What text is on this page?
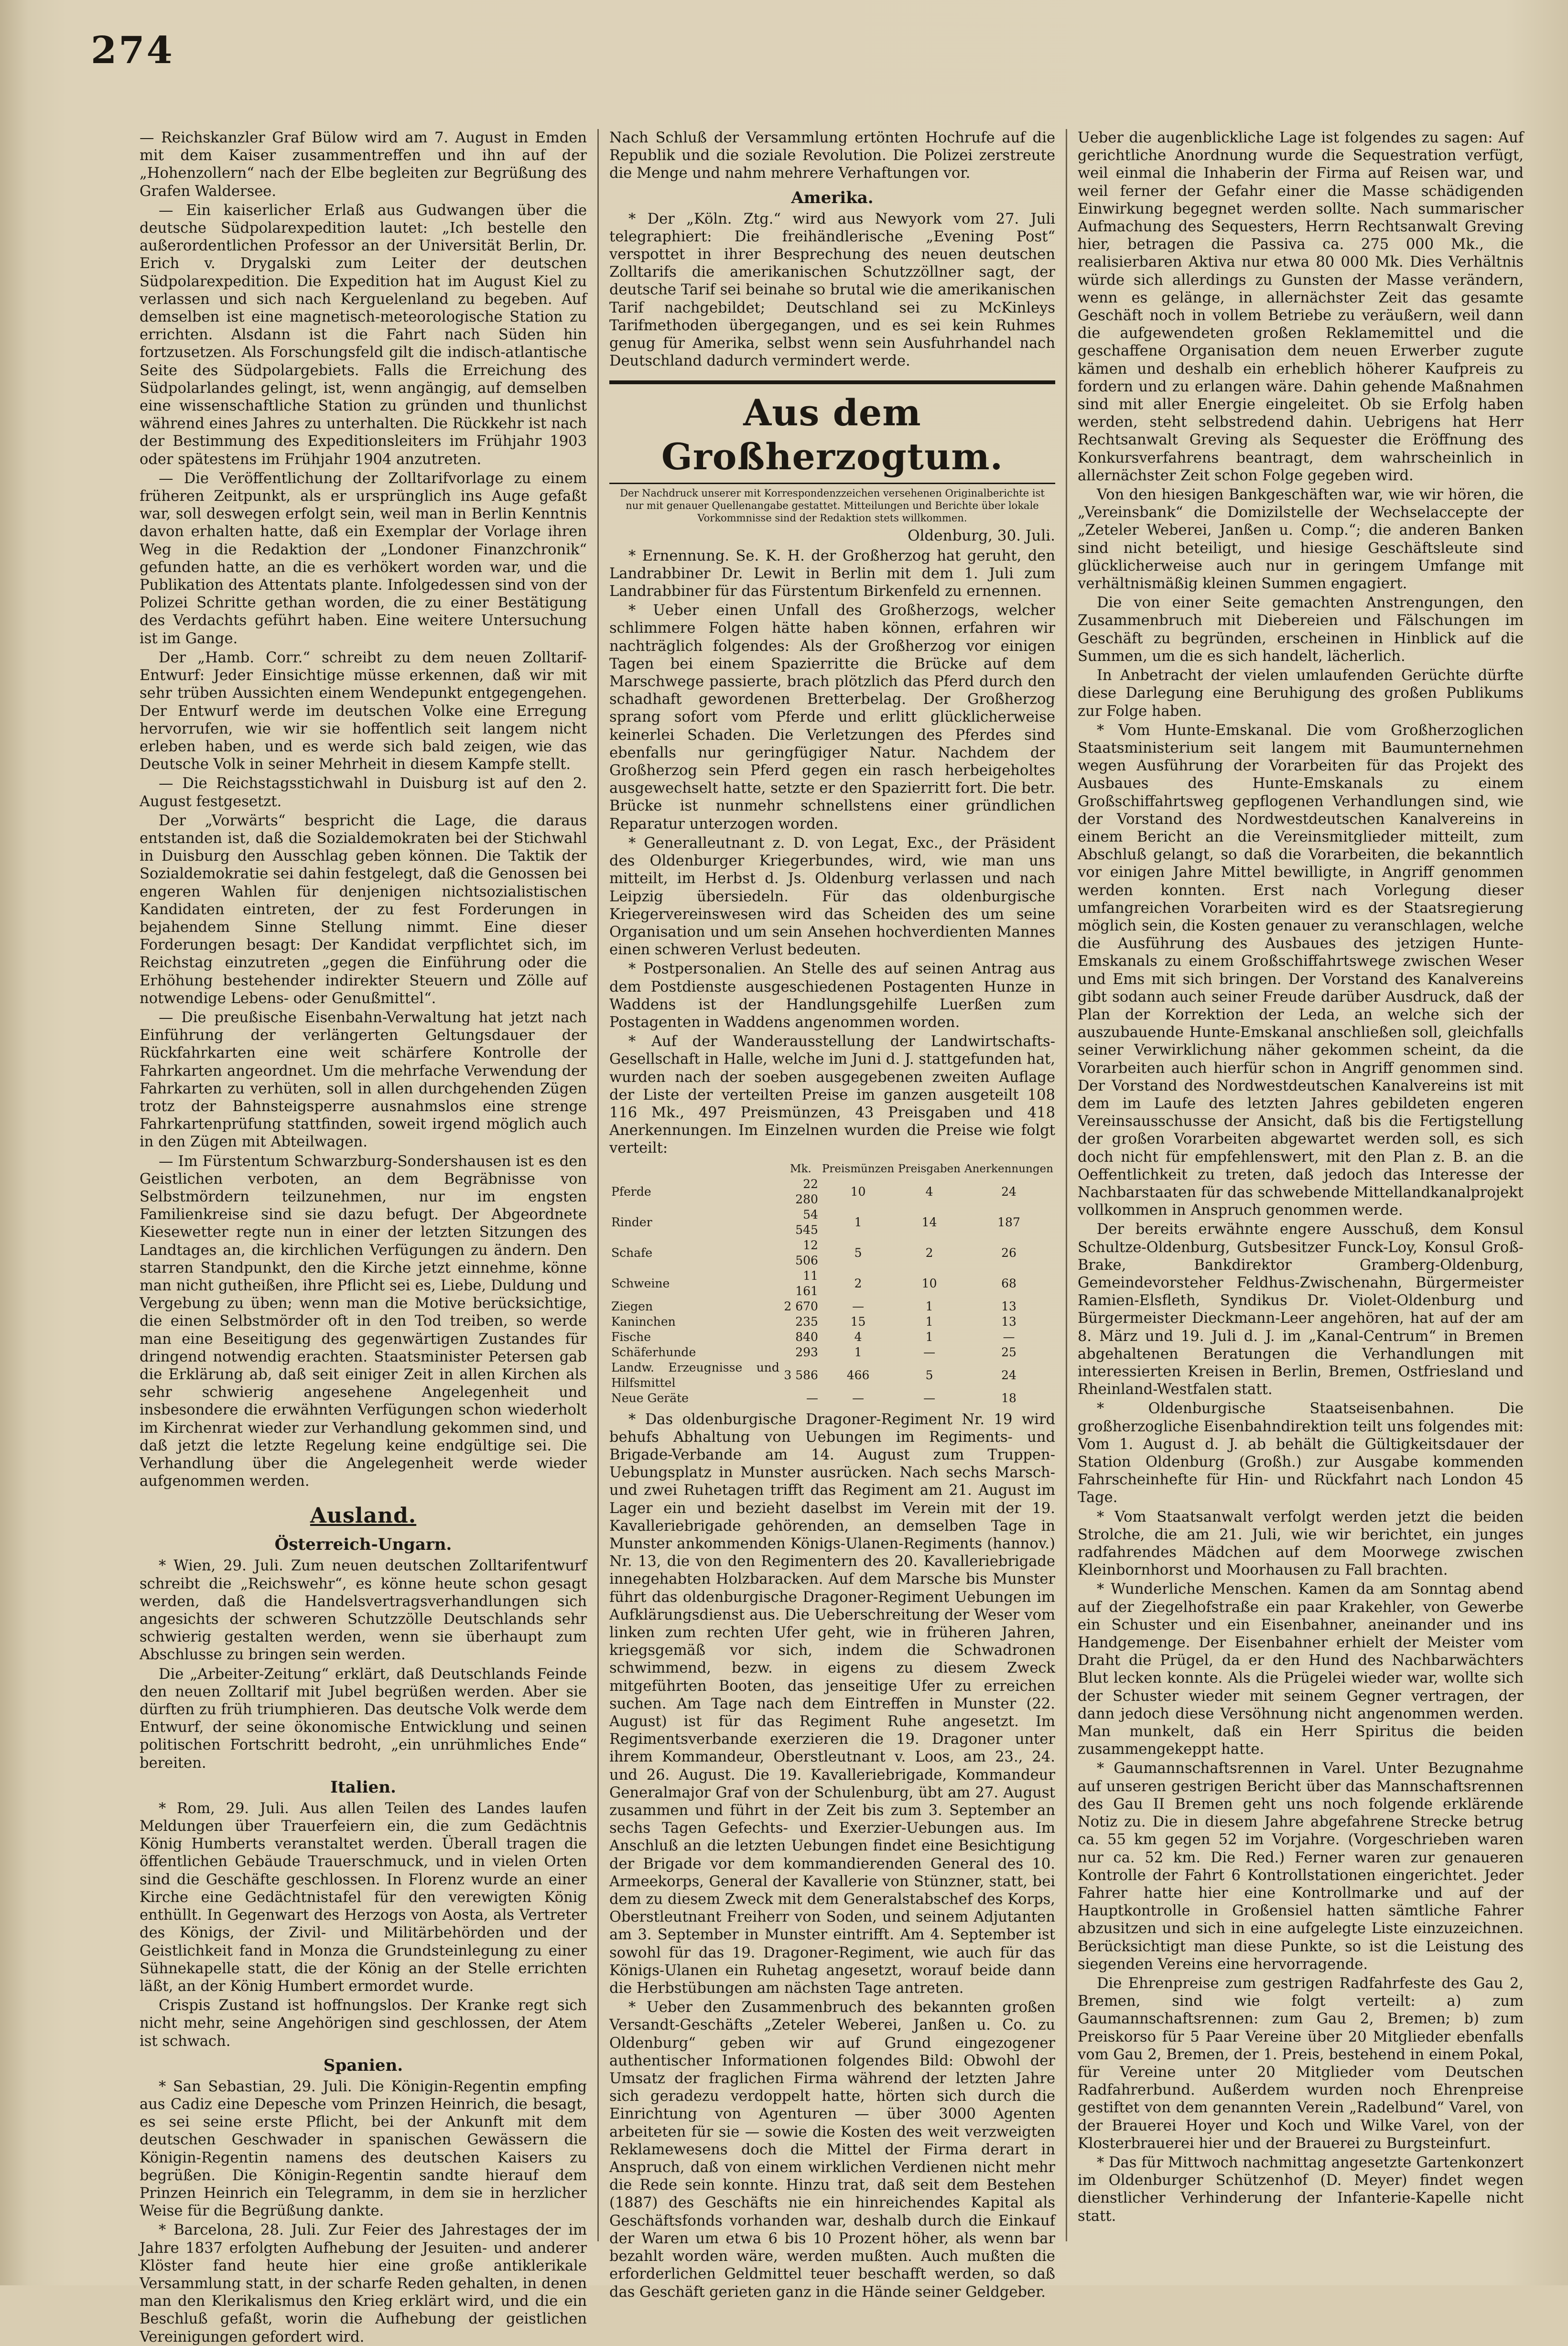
274

— Reichskanzler Graf Bülow wird am 7. August in Emden mit dem Kaiser zusammentreffen und ihn auf der „Hohenzollern“ nach der Elbe begleiten zur Begrüßung des Grafen Waldersee.

— Ein kaiserlicher Erlaß aus Gudwangen über die deutsche Südpolarexpedition lautet: „Ich bestelle den außerordentlichen Professor an der Universität Berlin, Dr. Erich v. Drygalski zum Leiter der deutschen Südpolarexpedition. Die Expedition hat im August Kiel zu verlassen und sich nach Kerguelenland zu begeben. Auf demselben ist eine magnetisch-meteorologische Station zu errichten. Alsdann ist die Fahrt nach Süden hin fortzusetzen. Als Forschungsfeld gilt die indisch-atlantische Seite des Südpolargebiets. Falls die Erreichung des Südpolarlandes gelingt, ist, wenn angängig, auf demselben eine wissenschaftliche Station zu gründen und thunlichst während eines Jahres zu unterhalten. Die Rückkehr ist nach der Bestimmung des Expeditionsleiters im Frühjahr 1903 oder spätestens im Frühjahr 1904 anzutreten.

— Die Veröffentlichung der Zolltarifvorlage zu einem früheren Zeitpunkt, als er ursprünglich ins Auge gefaßt war, soll deswegen erfolgt sein, weil man in Berlin Kenntnis davon erhalten hatte, daß ein Exemplar der Vorlage ihren Weg in die Redaktion der „Londoner Finanzchronik“ gefunden hatte, an die es verhökert worden war, und die Publikation des Attentats plante. Infolgedessen sind von der Polizei Schritte gethan worden, die zu einer Bestätigung des Verdachts geführt haben. Eine weitere Untersuchung ist im Gange.

Der „Hamb. Corr.“ schreibt zu dem neuen Zolltarif-Entwurf: Jeder Einsichtige müsse erkennen, daß wir mit sehr trüben Aussichten einem Wendepunkt entgegengehen. Der Entwurf werde im deutschen Volke eine Erregung hervorrufen, wie wir sie hoffentlich seit langem nicht erleben haben, und es werde sich bald zeigen, wie das Deutsche Volk in seiner Mehrheit in diesem Kampfe stellt.

— Die Reichstagsstichwahl in Duisburg ist auf den 2. August festgesetzt.

Der „Vorwärts“ bespricht die Lage, die daraus entstanden ist, daß die Sozialdemokraten bei der Stichwahl in Duisburg den Ausschlag geben können. Die Taktik der Sozialdemokratie sei dahin festgelegt, daß die Genossen bei engeren Wahlen für denjenigen nichtsozialistischen Kandidaten eintreten, der zu fest Forderungen in bejahendem Sinne Stellung nimmt. Eine dieser Forderungen besagt: Der Kandidat verpflichtet sich, im Reichstag einzutreten „gegen die Einführung oder die Erhöhung bestehender indirekter Steuern und Zölle auf notwendige Lebens- oder Genußmittel“.

— Die preußische Eisenbahn-Verwaltung hat jetzt nach Einführung der verlängerten Geltungsdauer der Rückfahrkarten eine weit schärfere Kontrolle der Fahrkarten angeordnet. Um die mehrfache Verwendung der Fahrkarten zu verhüten, soll in allen durchgehenden Zügen trotz der Bahnsteigsperre ausnahmslos eine strenge Fahrkartenprüfung stattfinden, soweit irgend möglich auch in den Zügen mit Abteilwagen.

— Im Fürstentum Schwarzburg-Sondershausen ist es den Geistlichen verboten, an dem Begräbnisse von Selbstmördern teilzunehmen, nur im engsten Familienkreise sind sie dazu befugt. Der Abgeordnete Kiesewetter regte nun in einer der letzten Sitzungen des Landtages an, die kirchlichen Verfügungen zu ändern. Den starren Standpunkt, den die Kirche jetzt einnehme, könne man nicht gutheißen, ihre Pflicht sei es, Liebe, Duldung und Vergebung zu üben; wenn man die Motive berücksichtige, die einen Selbstmörder oft in den Tod treiben, so werde man eine Beseitigung des gegenwärtigen Zustandes für dringend notwendig erachten. Staatsminister Petersen gab die Erklärung ab, daß seit einiger Zeit in allen Kirchen als sehr schwierig angesehene Angelegenheit und insbesondere die erwähnten Verfügungen schon wiederholt im Kirchenrat wieder zur Verhandlung gekommen sind, und daß jetzt die letzte Regelung keine endgültige sei. Die Verhandlung über die Angelegenheit werde wieder aufgenommen werden.

Ausland.
Österreich-Ungarn.

* Wien, 29. Juli. Zum neuen deutschen Zolltarifentwurf schreibt die „Reichswehr“, es könne heute schon gesagt werden, daß die Handelsvertragsverhandlungen sich angesichts der schweren Schutzzölle Deutschlands sehr schwierig gestalten werden, wenn sie überhaupt zum Abschlusse zu bringen sein werden.

Die „Arbeiter-Zeitung“ erklärt, daß Deutschlands Feinde den neuen Zolltarif mit Jubel begrüßen werden. Aber sie dürften zu früh triumphieren. Das deutsche Volk werde dem Entwurf, der seine ökonomische Entwicklung und seinen politischen Fortschritt bedroht, „ein unrühmliches Ende“ bereiten.

Italien.

* Rom, 29. Juli. Aus allen Teilen des Landes laufen Meldungen über Trauerfeiern ein, die zum Gedächtnis König Humberts veranstaltet werden. Überall tragen die öffentlichen Gebäude Trauerschmuck, und in vielen Orten sind die Geschäfte geschlossen. In Florenz wurde an einer Kirche eine Gedächtnistafel für den verewigten König enthüllt. In Gegenwart des Herzogs von Aosta, als Vertreter des Königs, der Zivil- und Militärbehörden und der Geistlichkeit fand in Monza die Grundsteinlegung zu einer Sühnekapelle statt, die der König an der Stelle errichten läßt, an der König Humbert ermordet wurde.

Crispis Zustand ist hoffnungslos. Der Kranke regt sich nicht mehr, seine Angehörigen sind geschlossen, der Atem ist schwach.

Spanien.

* San Sebastian, 29. Juli. Die Königin-Regentin empfing aus Cadiz eine Depesche vom Prinzen Heinrich, die besagt, es sei seine erste Pflicht, bei der Ankunft mit dem deutschen Geschwader in spanischen Gewässern die Königin-Regentin namens des deutschen Kaisers zu begrüßen. Die Königin-Regentin sandte hierauf dem Prinzen Heinrich ein Telegramm, in dem sie in herzlicher Weise für die Begrüßung dankte.

* Barcelona, 28. Juli. Zur Feier des Jahrestages der im Jahre 1837 erfolgten Aufhebung der Jesuiten- und anderer Klöster fand heute hier eine große antiklerikale Versammlung statt, in der scharfe Reden gehalten, in denen man den Klerikalismus den Krieg erklärt wird, und die ein Beschluß gefaßt, worin die Aufhebung der geistlichen Vereinigungen gefordert wird.

Nach Schluß der Versammlung ertönten Hochrufe auf die Republik und die soziale Revolution. Die Polizei zerstreute die Menge und nahm mehrere Verhaftungen vor.

Amerika.

* Der „Köln. Ztg.“ wird aus Newyork vom 27. Juli telegraphiert: Die freihändlerische „Evening Post“ verspottet in ihrer Besprechung des neuen deutschen Zolltarifs die amerikanischen Schutzzöllner sagt, der deutsche Tarif sei beinahe so brutal wie die amerikanischen Tarif nachgebildet; Deutschland sei zu McKinleys Tarifmethoden übergegangen, und es sei kein Ruhmes genug für Amerika, selbst wenn sein Ausfuhrhandel nach Deutschland dadurch vermindert werde.

Aus dem Großherzogtum.
Der Nachdruck unserer mit Korrespondenzzeichen versehenen Originalberichte ist nur mit genauer Quellenangabe gestattet. Mitteilungen und Berichte über lokale Vorkommnisse sind der Redaktion stets willkommen.
Oldenburg, 30. Juli.

* Ernennung. Se. K. H. der Großherzog hat geruht, den Landrabbiner Dr. Lewit in Berlin mit dem 1. Juli zum Landrabbiner für das Fürstentum Birkenfeld zu ernennen.

* Ueber einen Unfall des Großherzogs, welcher schlimmere Folgen hätte haben können, erfahren wir nachträglich folgendes: Als der Großherzog vor einigen Tagen bei einem Spazierritte die Brücke auf dem Marschwege passierte, brach plötzlich das Pferd durch den schadhaft gewordenen Bretterbelag. Der Großherzog sprang sofort vom Pferde und erlitt glücklicherweise keinerlei Schaden. Die Verletzungen des Pferdes sind ebenfalls nur geringfügiger Natur. Nachdem der Großherzog sein Pferd gegen ein rasch herbeigeholtes ausgewechselt hatte, setzte er den Spazierritt fort. Die betr. Brücke ist nunmehr schnellstens einer gründlichen Reparatur unterzogen worden.

* Generalleutnant z. D. von Legat, Exc., der Präsident des Oldenburger Kriegerbundes, wird, wie man uns mitteilt, im Herbst d. Js. Oldenburg verlassen und nach Leipzig übersiedeln. Für das oldenburgische Kriegervereinswesen wird das Scheiden des um seine Organisation und um sein Ansehen hochverdienten Mannes einen schweren Verlust bedeuten.

* Postpersonalien. An Stelle des auf seinen Antrag aus dem Postdienste ausgeschiedenen Postagenten Hunze in Waddens ist der Handlungsgehilfe Luerßen zum Postagenten in Waddens angenommen worden.

* Auf der Wanderausstellung der Landwirtschafts-Gesellschaft in Halle, welche im Juni d. J. stattgefunden hat, wurden nach der soeben ausgegebenen zweiten Auflage der Liste der verteilten Preise im ganzen ausgeteilt 108 116 Mk., 497 Preismünzen, 43 Preisgaben und 418 Anerkennungen. Im Einzelnen wurden die Preise wie folgt verteilt:

	Mk.	Preismünzen	Preisgaben	Anerkennungen
Pferde	22 280	10	4	24
Rinder	54 545	1	14	187
Schafe	12 506	5	2	26
Schweine	11 161	2	10	68
Ziegen	2 670	—	1	13
Kaninchen	235	15	1	13
Fische	840	4	1	—
Schäferhunde	293	1	—	25
Landw. Erzeugnisse und Hilfsmittel	3 586	466	5	24
Neue Geräte	—	—	—	18

* Das oldenburgische Dragoner-Regiment Nr. 19 wird behufs Abhaltung von Uebungen im Regiments- und Brigade-Verbande am 14. August zum Truppen-Uebungsplatz in Munster ausrücken. Nach sechs Marsch- und zwei Ruhetagen trifft das Regiment am 21. August im Lager ein und bezieht daselbst im Verein mit der 19. Kavalleriebrigade gehörenden, an demselben Tage in Munster ankommenden Königs-Ulanen-Regiments (hannov.) Nr. 13, die von den Regimentern des 20. Kavalleriebrigade innegehabten Holzbaracken. Auf dem Marsche bis Munster führt das oldenburgische Dragoner-Regiment Uebungen im Aufklärungsdienst aus. Die Ueberschreitung der Weser vom linken zum rechten Ufer geht, wie in früheren Jahren, kriegsgemäß vor sich, indem die Schwadronen schwimmend, bezw. in eigens zu diesem Zweck mitgeführten Booten, das jenseitige Ufer zu erreichen suchen. Am Tage nach dem Eintreffen in Munster (22. August) ist für das Regiment Ruhe angesetzt. Im Regimentsverbande exerzieren die 19. Dragoner unter ihrem Kommandeur, Oberstleutnant v. Loos, am 23., 24. und 26. August. Die 19. Kavalleriebrigade, Kommandeur Generalmajor Graf von der Schulenburg, übt am 27. August zusammen und führt in der Zeit bis zum 3. September an sechs Tagen Gefechts- und Exerzier-Uebungen aus. Im Anschluß an die letzten Uebungen findet eine Besichtigung der Brigade vor dem kommandierenden General des 10. Armeekorps, General der Kavallerie von Stünzner, statt, bei dem zu diesem Zweck mit dem Generalstabschef des Korps, Oberstleutnant Freiherr von Soden, und seinem Adjutanten am 3. September in Munster eintrifft. Am 4. September ist sowohl für das 19. Dragoner-Regiment, wie auch für das Königs-Ulanen ein Ruhetag angesetzt, worauf beide dann die Herbstübungen am nächsten Tage antreten.

* Ueber den Zusammenbruch des bekannten großen Versandt-Geschäfts „Zeteler Weberei, Janßen u. Co. zu Oldenburg“ geben wir auf Grund eingezogener authentischer Informationen folgendes Bild: Obwohl der Umsatz der fraglichen Firma während der letzten Jahre sich geradezu verdoppelt hatte, hörten sich durch die Einrichtung von Agenturen — über 3000 Agenten arbeiteten für sie — sowie die Kosten des weit verzweigten Reklamewesens doch die Mittel der Firma derart in Anspruch, daß von einem wirklichen Verdienen nicht mehr die Rede sein konnte. Hinzu trat, daß seit dem Bestehen (1887) des Geschäfts nie ein hinreichendes Kapital als Geschäftsfonds vorhanden war, deshalb durch die Einkauf der Waren um etwa 6 bis 10 Prozent höher, als wenn bar bezahlt worden wäre, werden mußten. Auch mußten die erforderlichen Geldmittel teuer beschafft werden, so daß das Geschäft gerieten ganz in die Hände seiner Geldgeber.

Ueber die augenblickliche Lage ist folgendes zu sagen: Auf gerichtliche Anordnung wurde die Sequestration verfügt, weil einmal die Inhaberin der Firma auf Reisen war, und weil ferner der Gefahr einer die Masse schädigenden Einwirkung begegnet werden sollte. Nach summarischer Aufmachung des Sequesters, Herrn Rechtsanwalt Greving hier, betragen die Passiva ca. 275 000 Mk., die realisierbaren Aktiva nur etwa 80 000 Mk. Dies Verhältnis würde sich allerdings zu Gunsten der Masse verändern, wenn es gelänge, in allernächster Zeit das gesamte Geschäft noch in vollem Betriebe zu veräußern, weil dann die aufgewendeten großen Reklamemittel und die geschaffene Organisation dem neuen Erwerber zugute kämen und deshalb ein erheblich höherer Kaufpreis zu fordern und zu erlangen wäre. Dahin gehende Maßnahmen sind mit aller Energie eingeleitet. Ob sie Erfolg haben werden, steht selbstredend dahin. Uebrigens hat Herr Rechtsanwalt Greving als Sequester die Eröffnung des Konkursverfahrens beantragt, dem wahrscheinlich in allernächster Zeit schon Folge gegeben wird.

Von den hiesigen Bankgeschäften war, wie wir hören, die „Vereinsbank“ die Domizilstelle der Wechselaccepte der „Zeteler Weberei, Janßen u. Comp.“; die anderen Banken sind nicht beteiligt, und hiesige Geschäftsleute sind glücklicherweise auch nur in geringem Umfange mit verhältnismäßig kleinen Summen engagiert.

Die von einer Seite gemachten Anstrengungen, den Zusammenbruch mit Diebereien und Fälschungen im Geschäft zu begründen, erscheinen in Hinblick auf die Summen, um die es sich handelt, lächerlich.

In Anbetracht der vielen umlaufenden Gerüchte dürfte diese Darlegung eine Beruhigung des großen Publikums zur Folge haben.

* Vom Hunte-Emskanal. Die vom Großherzoglichen Staatsministerium seit langem mit Baumunternehmen wegen Ausführung der Vorarbeiten für das Projekt des Ausbaues des Hunte-Emskanals zu einem Großschiffahrtsweg gepflogenen Verhandlungen sind, wie der Vorstand des Nordwestdeutschen Kanalvereins in einem Bericht an die Vereinsmitglieder mitteilt, zum Abschluß gelangt, so daß die Vorarbeiten, die bekanntlich vor einigen Jahre Mittel bewilligte, in Angriff genommen werden konnten. Erst nach Vorlegung dieser umfangreichen Vorarbeiten wird es der Staatsregierung möglich sein, die Kosten genauer zu veranschlagen, welche die Ausführung des Ausbaues des jetzigen Hunte-Emskanals zu einem Großschiffahrtswege zwischen Weser und Ems mit sich bringen. Der Vorstand des Kanalvereins gibt sodann auch seiner Freude darüber Ausdruck, daß der Plan der Korrektion der Leda, an welche sich der auszubauende Hunte-Emskanal anschließen soll, gleichfalls seiner Verwirklichung näher gekommen scheint, da die Vorarbeiten auch hierfür schon in Angriff genommen sind. Der Vorstand des Nordwestdeutschen Kanalvereins ist mit dem im Laufe des letzten Jahres gebildeten engeren Vereinsausschusse der Ansicht, daß bis die Fertigstellung der großen Vorarbeiten abgewartet werden soll, es sich doch nicht für empfehlenswert, mit den Plan z. B. an die Oeffentlichkeit zu treten, daß jedoch das Interesse der Nachbarstaaten für das schwebende Mittellandkanalprojekt vollkommen in Anspruch genommen werde.

Der bereits erwähnte engere Ausschuß, dem Konsul Schultze-Oldenburg, Gutsbesitzer Funck-Loy, Konsul Groß-Brake, Bankdirektor Gramberg-Oldenburg, Gemeindevorsteher Feldhus-Zwischenahn, Bürgermeister Ramien-Elsfleth, Syndikus Dr. Violet-Oldenburg und Bürgermeister Dieckmann-Leer angehören, hat auf der am 8. März und 19. Juli d. J. im „Kanal-Centrum“ in Bremen abgehaltenen Beratungen die Verhandlungen mit interessierten Kreisen in Berlin, Bremen, Ostfriesland und Rheinland-Westfalen statt.

* Oldenburgische Staatseisenbahnen. Die großherzogliche Eisenbahndirektion teilt uns folgendes mit: Vom 1. August d. J. ab behält die Gültigkeitsdauer der Station Oldenburg (Großh.) zur Ausgabe kommenden Fahrscheinhefte für Hin- und Rückfahrt nach London 45 Tage.

* Vom Staatsanwalt verfolgt werden jetzt die beiden Strolche, die am 21. Juli, wie wir berichtet, ein junges radfahrendes Mädchen auf dem Moorwege zwischen Kleinbornhorst und Moorhausen zu Fall brachten.

* Wunderliche Menschen. Kamen da am Sonntag abend auf der Ziegelhofstraße ein paar Krakehler, von Gewerbe ein Schuster und ein Eisenbahner, aneinander und ins Handgemenge. Der Eisenbahner erhielt der Meister vom Draht die Prügel, da er den Hund des Nachbarwächters Blut lecken konnte. Als die Prügelei wieder war, wollte sich der Schuster wieder mit seinem Gegner vertragen, der dann jedoch diese Versöhnung nicht angenommen werden. Man munkelt, daß ein Herr Spiritus die beiden zusammengekeppt hatte.

* Gaumannschaftsrennen in Varel. Unter Bezugnahme auf unseren gestrigen Bericht über das Mannschaftsrennen des Gau II Bremen geht uns noch folgende erklärende Notiz zu. Die in diesem Jahre abgefahrene Strecke betrug ca. 55 km gegen 52 im Vorjahre. (Vorgeschrieben waren nur ca. 52 km. Die Red.) Ferner waren zur genaueren Kontrolle der Fahrt 6 Kontrollstationen eingerichtet. Jeder Fahrer hatte hier eine Kontrollmarke und auf der Hauptkontrolle in Großensiel hatten sämtliche Fahrer abzusitzen und sich in eine aufgelegte Liste einzuzeichnen. Berücksichtigt man diese Punkte, so ist die Leistung des siegenden Vereins eine hervorragende.

Die Ehrenpreise zum gestrigen Radfahrfeste des Gau 2, Bremen, sind wie folgt verteilt: a) zum Gaumannschaftsrennen: zum Gau 2, Bremen; b) zum Preiskorso für 5 Paar Vereine über 20 Mitglieder ebenfalls vom Gau 2, Bremen, der 1. Preis, bestehend in einem Pokal, für Vereine unter 20 Mitglieder vom Deutschen Radfahrerbund. Außerdem wurden noch Ehrenpreise gestiftet von dem genannten Verein „Radelbund“ Varel, von der Brauerei Hoyer und Koch und Wilke Varel, von der Klosterbrauerei hier und der Brauerei zu Burgsteinfurt.

* Das für Mittwoch nachmittag angesetzte Gartenkonzert im Oldenburger Schützenhof (D. Meyer) findet wegen dienstlicher Verhinderung der Infanterie-Kapelle nicht statt.
